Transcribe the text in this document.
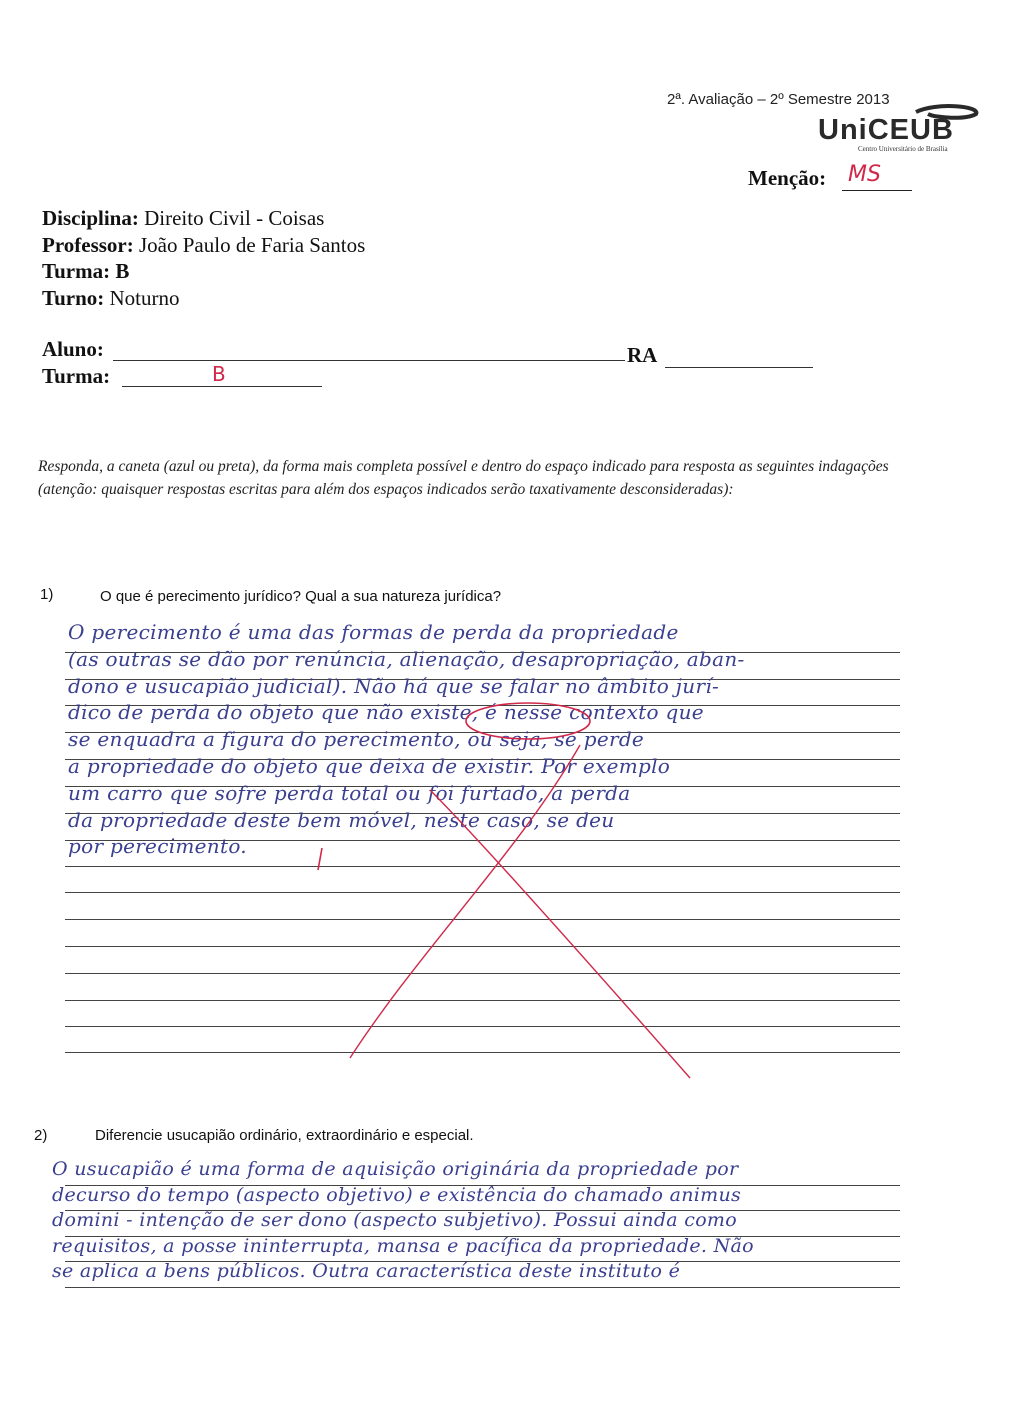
2ª. Avaliação – 2º Semestre 2013
UniCEUB
Centro Universitário de Brasília
Menção: MS
Disciplina: Direito Civil - Coisas
Professor: João Paulo de Faria Santos
Turma: B
Turno: Noturno
Aluno:	RA
Turma:	B
Responda, a caneta (azul ou preta), da forma mais completa possível e dentro do espaço indicado para resposta as seguintes indagações (atenção: quaisquer respostas escritas para além dos espaços indicados serão taxativamente desconsideradas):
1)	O que é perecimento jurídico? Qual a sua natureza jurídica?
O perecimento é uma das formas de perda da propriedade
(as outras se dão por renúncia, alienação, desapropriação, aban-
dono e usucapião judicial). Não há que se falar no âmbito jurí-
dico de perda do objeto que não existe, é nesse contexto que
se enquadra a figura do perecimento, ou seja, se perde
a propriedade do objeto que deixa de existir. Por exemplo
um carro que sofre perda total ou foi furtado, a perda
da propriedade deste bem móvel, neste caso, se deu
por perecimento.
2)	Diferencie usucapião ordinário, extraordinário e especial.
O usucapião é uma forma de aquisição originária da propriedade por
decurso do tempo (aspecto objetivo) e existência do chamado animus
domini - intenção de ser dono (aspecto subjetivo). Possui ainda como
requisitos, a posse ininterrupta, mansa e pacífica da propriedade. Não
se aplica a bens públicos. Outra característica deste instituto é
